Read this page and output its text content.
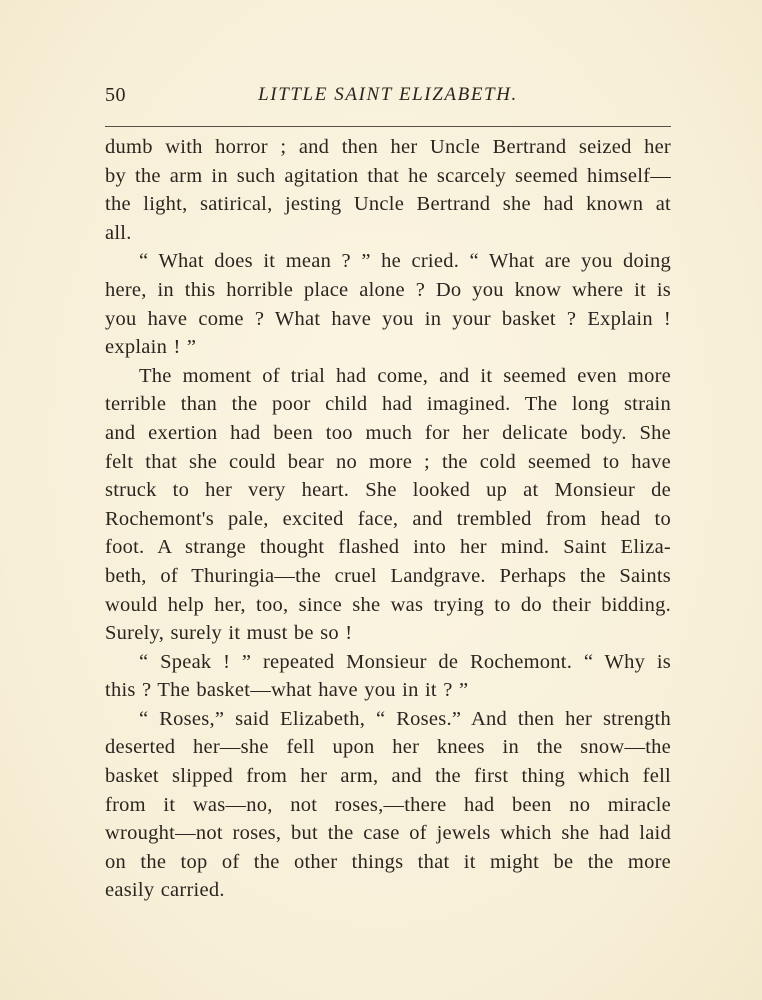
50	LITTLE SAINT ELIZABETH.
dumb with horror ; and then her Uncle Bertrand seized her
by the arm in such agitation that he scarcely seemed himself—
the light, satirical, jesting Uncle Bertrand she had known at
all.
“ What does it mean ? ” he cried. “ What are you doing
here, in this horrible place alone ? Do you know where it is
you have come ? What have you in your basket ? Explain !
explain ! ”
The moment of trial had come, and it seemed even more
terrible than the poor child had imagined. The long strain
and exertion had been too much for her delicate body. She
felt that she could bear no more ; the cold seemed to have
struck to her very heart. She looked up at Monsieur de
Rochemont's pale, excited face, and trembled from head to
foot. A strange thought flashed into her mind. Saint Eliza-
beth, of Thuringia—the cruel Landgrave. Perhaps the Saints
would help her, too, since she was trying to do their bidding.
Surely, surely it must be so !
“ Speak ! ” repeated Monsieur de Rochemont. “ Why is
this ? The basket—what have you in it ? ”
“ Roses,” said Elizabeth, “ Roses.” And then her strength
deserted her—she fell upon her knees in the snow—the
basket slipped from her arm, and the first thing which fell
from it was—no, not roses,—there had been no miracle
wrought—not roses, but the case of jewels which she had laid
on the top of the other things that it might be the more
easily carried.
